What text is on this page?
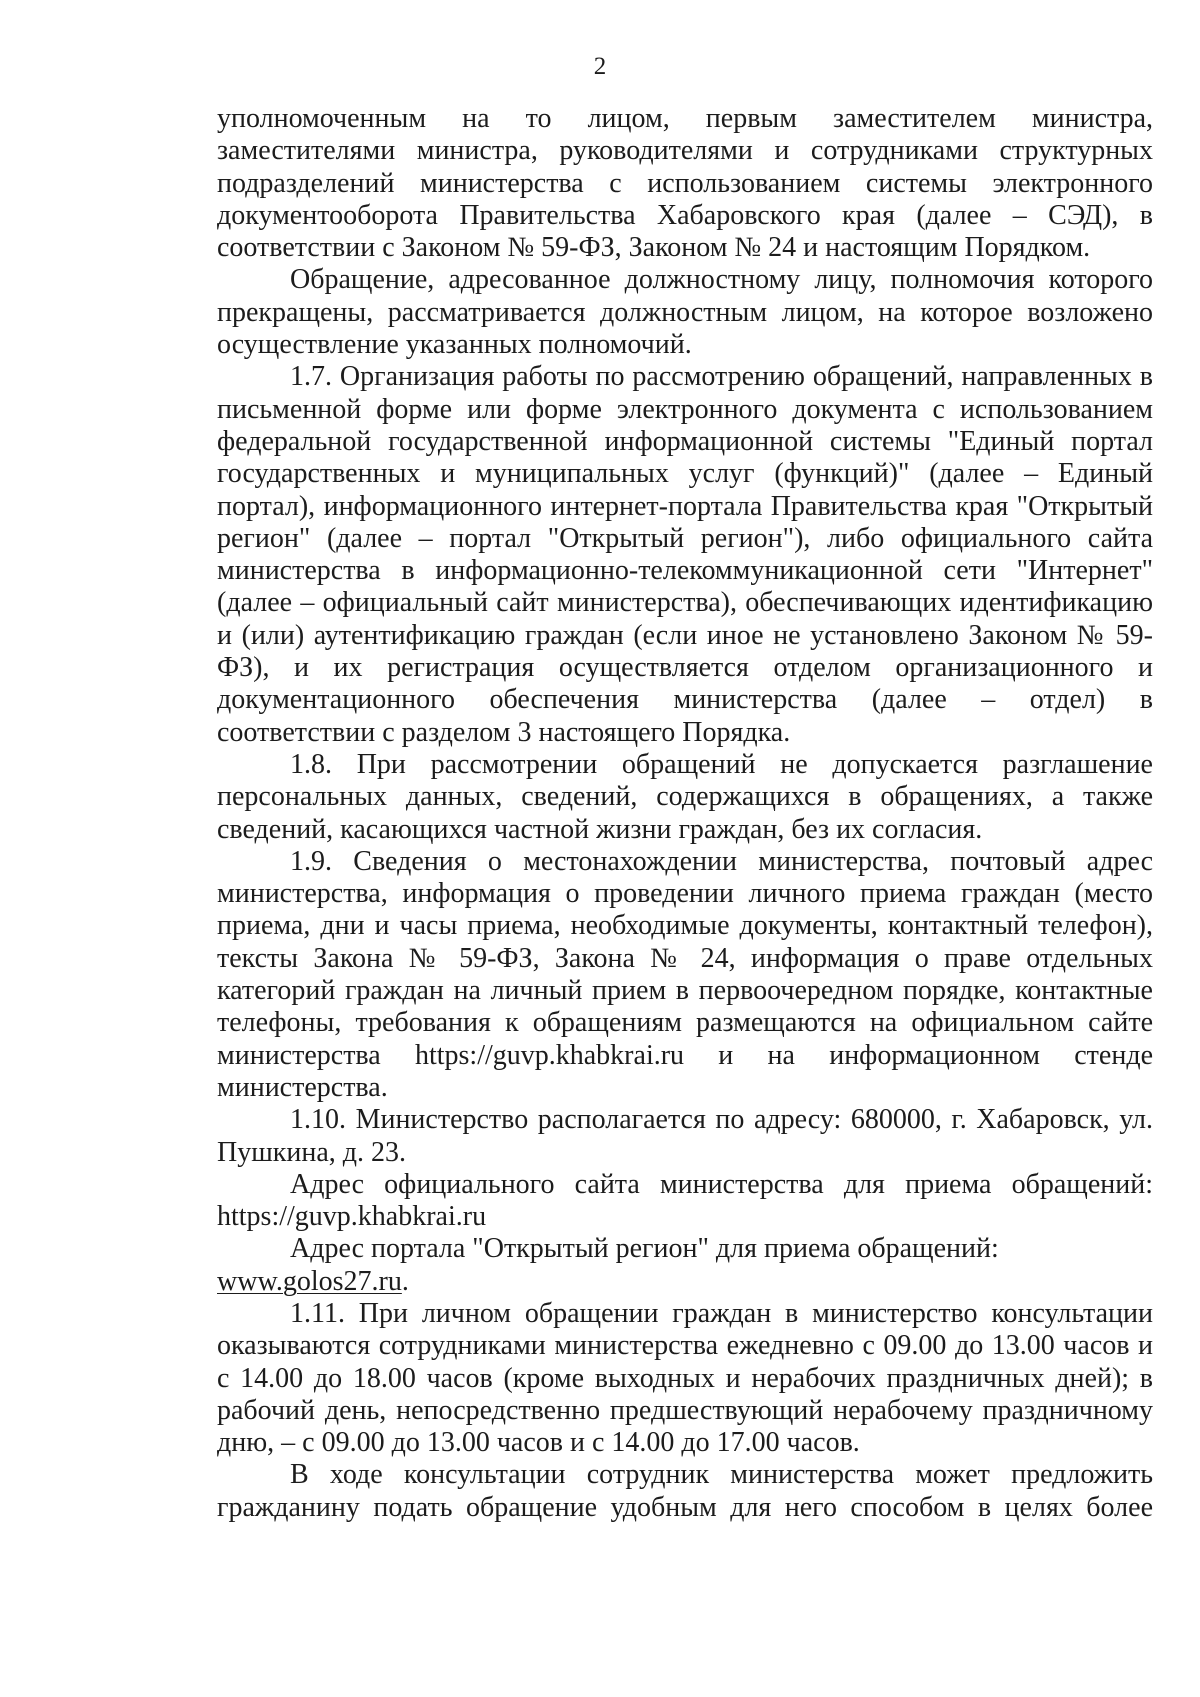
2

уполномоченным на то лицом, первым заместителем министра, заместителями министра, руководителями и сотрудниками структурных подразделений министерства с использованием системы электронного документооборота Правительства Хабаровского края (далее – СЭД), в соответствии с Законом № 59-ФЗ, Законом № 24 и настоящим Порядком.

Обращение, адресованное должностному лицу, полномочия которого прекращены, рассматривается должностным лицом, на которое возложено осуществление указанных полномочий.

1.7. Организация работы по рассмотрению обращений, направленных в письменной форме или форме электронного документа с использованием федеральной государственной информационной системы "Единый портал государственных и муниципальных услуг (функций)" (далее – Единый портал), информационного интернет-портала Правительства края "Открытый регион" (далее – портал "Открытый регион"), либо официального сайта министерства в информационно-телекоммуникационной сети "Интернет" (далее – официальный сайт министерства), обеспечивающих идентификацию и (или) аутентификацию граждан (если иное не установлено Законом № 59-ФЗ), и их регистрация осуществляется отделом организационного и документационного обеспечения министерства (далее – отдел) в соответствии с разделом 3 настоящего Порядка.

1.8. При рассмотрении обращений не допускается разглашение персональных данных, сведений, содержащихся в обращениях, а также сведений, касающихся частной жизни граждан, без их согласия.

1.9. Сведения о местонахождении министерства, почтовый адрес министерства, информация о проведении личного приема граждан (место приема, дни и часы приема, необходимые документы, контактный телефон), тексты Закона № 59-ФЗ, Закона № 24, информация о праве отдельных категорий граждан на личный прием в первоочередном порядке, контактные телефоны, требования к обращениям размещаются на официальном сайте министерства https://guvp.khabkrai.ru и на информационном стенде министерства.

1.10. Министерство располагается по адресу: 680000, г. Хабаровск, ул. Пушкина, д. 23.

Адрес официального сайта министерства для приема обращений: https://guvp.khabkrai.ru

Адрес портала "Открытый регион" для приема обращений:
www.golos27.ru.

1.11. При личном обращении граждан в министерство консультации оказываются сотрудниками министерства ежедневно с 09.00 до 13.00 часов и с 14.00 до 18.00 часов (кроме выходных и нерабочих праздничных дней); в рабочий день, непосредственно предшествующий нерабочему праздничному дню, – с 09.00 до 13.00 часов и с 14.00 до 17.00 часов.

В ходе консультации сотрудник министерства может предложить гражданину подать обращение удобным для него способом в целях более
